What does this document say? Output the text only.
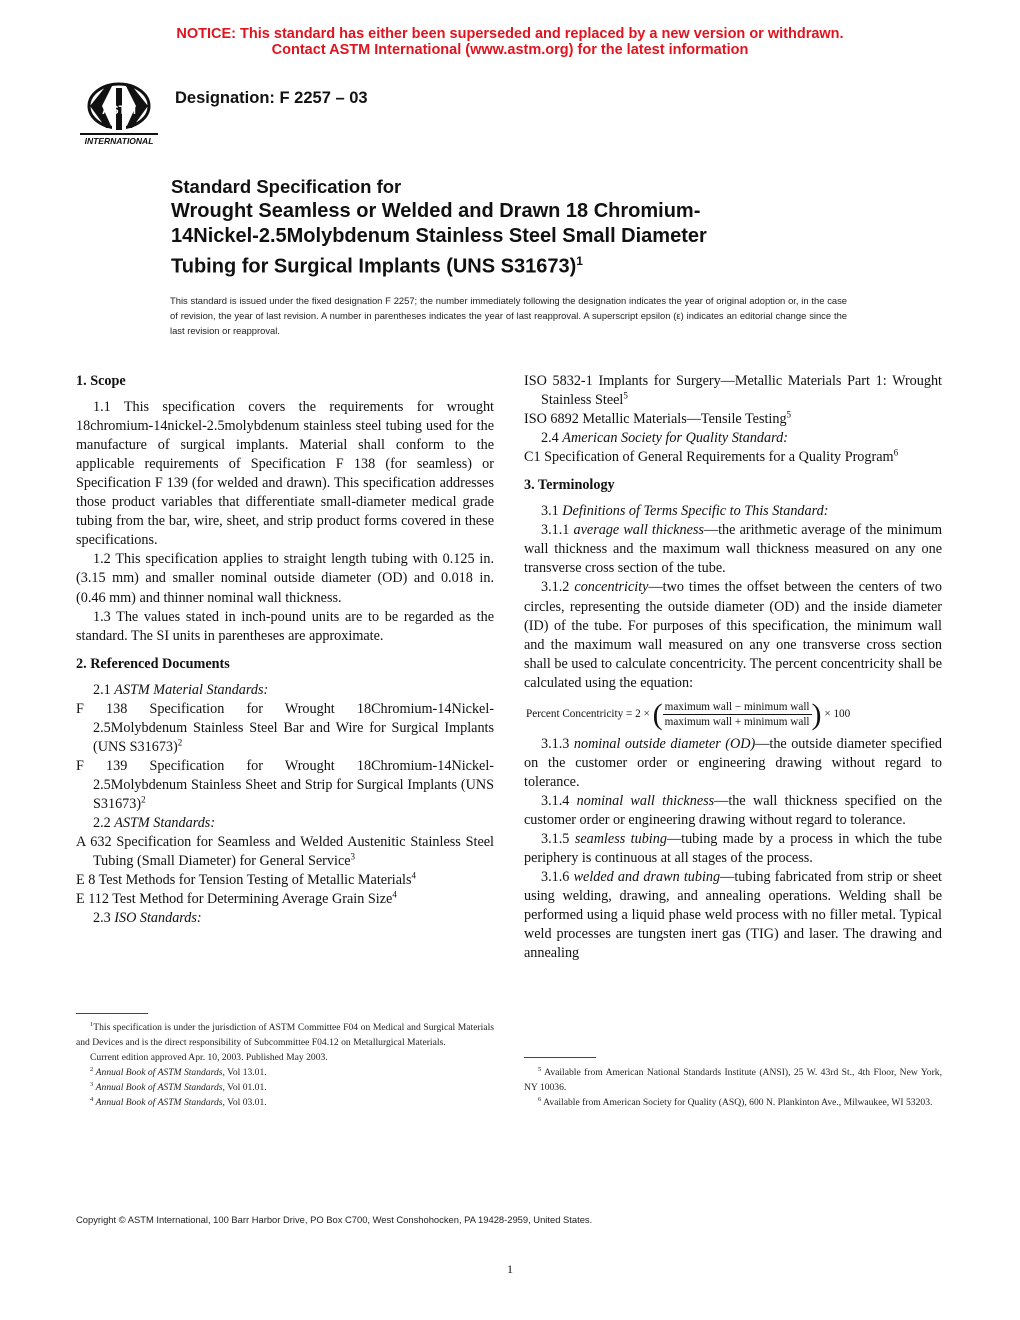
NOTICE: This standard has either been superseded and replaced by a new version or withdrawn.
Contact ASTM International (www.astm.org) for the latest information
ASTM
INTERNATIONAL
Designation: F 2257 – 03
Standard Specification for
Wrought Seamless or Welded and Drawn 18 Chromium-
14Nickel-2.5Molybdenum Stainless Steel Small Diameter
Tubing for Surgical Implants (UNS S31673)$^1$
This standard is issued under the fixed designation F 2257; the number immediately following the designation indicates the year of original adoption or, in the case of revision, the year of last revision. A number in parentheses indicates the year of last reapproval. A superscript epsilon (ε) indicates an editorial change since the last revision or reapproval.

1. Scope

1.1 This specification covers the requirements for wrought 18chromium-14nickel-2.5molybdenum stainless steel tubing used for the manufacture of surgical implants. Material shall conform to the applicable requirements of Specification F 138 (for seamless) or Specification F 139 (for welded and drawn). This specification addresses those product variables that differentiate small-diameter medical grade tubing from the bar, wire, sheet, and strip product forms covered in these specifications.

1.2 This specification applies to straight length tubing with 0.125 in. (3.15 mm) and smaller nominal outside diameter (OD) and 0.018 in. (0.46 mm) and thinner nominal wall thickness.

1.3 The values stated in inch-pound units are to be regarded as the standard. The SI units in parentheses are approximate.

2. Referenced Documents

2.1 ASTM Material Standards:

F 138 Specification for Wrought 18Chromium-14Nickel-2.5Molybdenum Stainless Steel Bar and Wire for Surgical Implants (UNS S31673)$^2$

F 139 Specification for Wrought 18Chromium-14Nickel-2.5Molybdenum Stainless Sheet and Strip for Surgical Implants (UNS S31673)$^2$

2.2 ASTM Standards:

A 632 Specification for Seamless and Welded Austenitic Stainless Steel Tubing (Small Diameter) for General Service$^3$

E 8 Test Methods for Tension Testing of Metallic Materials$^4$

E 112 Test Method for Determining Average Grain Size$^4$

2.3 ISO Standards:

$^1$This specification is under the jurisdiction of ASTM Committee F04 on Medical and Surgical Materials and Devices and is the direct responsibility of Subcommittee F04.12 on Metallurgical Materials.

Current edition approved Apr. 10, 2003. Published May 2003.

$^2$ Annual Book of ASTM Standards, Vol 13.01.

$^3$ Annual Book of ASTM Standards, Vol 01.01.

$^4$ Annual Book of ASTM Standards, Vol 03.01.

ISO 5832-1 Implants for Surgery—Metallic Materials Part 1: Wrought Stainless Steel$^5$

ISO 6892 Metallic Materials—Tensile Testing$^5$

2.4 American Society for Quality Standard:

C1 Specification of General Requirements for a Quality Program$^6$

3. Terminology

3.1 Definitions of Terms Specific to This Standard:

3.1.1 average wall thickness—the arithmetic average of the minimum wall thickness and the maximum wall thickness measured on any one transverse cross section of the tube.

3.1.2 concentricity—two times the offset between the centers of two circles, representing the outside diameter (OD) and the inside diameter (ID) of the tube. For purposes of this specification, the minimum wall and the maximum wall measured on any one transverse cross section shall be used to calculate concentricity. The percent concentricity shall be calculated using the equation:

Percent Concentricity = 2 × ( $\frac{\text{maximum wall − minimum wall}}{\text{maximum wall + minimum wall}}$ ) × 100

3.1.3 nominal outside diameter (OD)—the outside diameter specified on the customer order or engineering drawing without regard to tolerance.

3.1.4 nominal wall thickness—the wall thickness specified on the customer order or engineering drawing without regard to tolerance.

3.1.5 seamless tubing—tubing made by a process in which the tube periphery is continuous at all stages of the process.

3.1.6 welded and drawn tubing—tubing fabricated from strip or sheet using welding, drawing, and annealing operations. Welding shall be performed using a liquid phase weld process with no filler metal. Typical weld processes are tungsten inert gas (TIG) and laser. The drawing and annealing

$^5$ Available from American National Standards Institute (ANSI), 25 W. 43rd St., 4th Floor, New York, NY 10036.

$^6$ Available from American Society for Quality (ASQ), 600 N. Plankinton Ave., Milwaukee, WI 53203.

Copyright © ASTM International, 100 Barr Harbor Drive, PO Box C700, West Conshohocken, PA 19428-2959, United States.
1
